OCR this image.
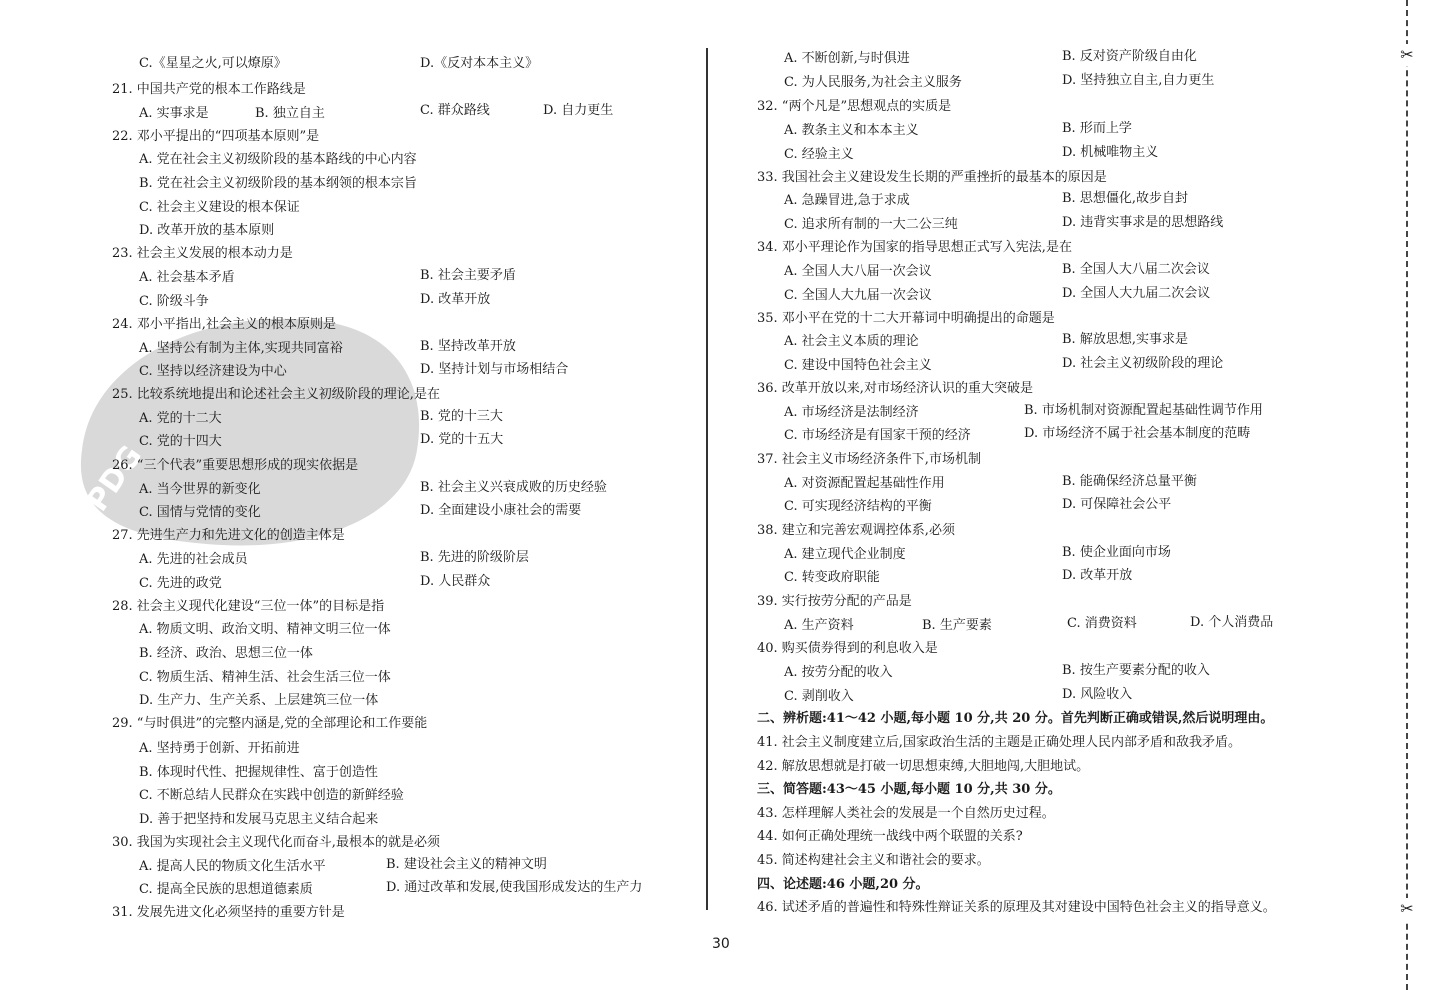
PDG
C.《星星之火,可以燎原》	D.《反对本本主义》
21. 中国共产党的根本工作路线是
A. 实事求是	B. 独立自主	C. 群众路线	D. 自力更生
22. 邓小平提出的“四项基本原则”是
A. 党在社会主义初级阶段的基本路线的中心内容
B. 党在社会主义初级阶段的基本纲领的根本宗旨
C. 社会主义建设的根本保证
D. 改革开放的基本原则
23. 社会主义发展的根本动力是
A. 社会基本矛盾	B. 社会主要矛盾
C. 阶级斗争	D. 改革开放
24. 邓小平指出,社会主义的根本原则是
A. 坚持公有制为主体,实现共同富裕	B. 坚持改革开放
C. 坚持以经济建设为中心	D. 坚持计划与市场相结合
25. 比较系统地提出和论述社会主义初级阶段的理论,是在
A. 党的十二大	B. 党的十三大
C. 党的十四大	D. 党的十五大
26. “三个代表”重要思想形成的现实依据是
A. 当今世界的新变化	B. 社会主义兴衰成败的历史经验
C. 国情与党情的变化	D. 全面建设小康社会的需要
27. 先进生产力和先进文化的创造主体是
A. 先进的社会成员	B. 先进的阶级阶层
C. 先进的政党	D. 人民群众
28. 社会主义现代化建设“三位一体”的目标是指
A. 物质文明、政治文明、精神文明三位一体
B. 经济、政治、思想三位一体
C. 物质生活、精神生活、社会生活三位一体
D. 生产力、生产关系、上层建筑三位一体
29. “与时俱进”的完整内涵是,党的全部理论和工作要能
A. 坚持勇于创新、开拓前进
B. 体现时代性、把握规律性、富于创造性
C. 不断总结人民群众在实践中创造的新鲜经验
D. 善于把坚持和发展马克思主义结合起来
30. 我国为实现社会主义现代化而奋斗,最根本的就是必须
A. 提高人民的物质文化生活水平	B. 建设社会主义的精神文明
C. 提高全民族的思想道德素质	D. 通过改革和发展,使我国形成发达的生产力
31. 发展先进文化必须坚持的重要方针是
A. 不断创新,与时俱进	B. 反对资产阶级自由化
C. 为人民服务,为社会主义服务	D. 坚持独立自主,自力更生
32. “两个凡是”思想观点的实质是
A. 教条主义和本本主义	B. 形而上学
C. 经验主义	D. 机械唯物主义
33. 我国社会主义建设发生长期的严重挫折的最基本的原因是
A. 急躁冒进,急于求成	B. 思想僵化,故步自封
C. 追求所有制的一大二公三纯	D. 违背实事求是的思想路线
34. 邓小平理论作为国家的指导思想正式写入宪法,是在
A. 全国人大八届一次会议	B. 全国人大八届二次会议
C. 全国人大九届一次会议	D. 全国人大九届二次会议
35. 邓小平在党的十二大开幕词中明确提出的命题是
A. 社会主义本质的理论	B. 解放思想,实事求是
C. 建设中国特色社会主义	D. 社会主义初级阶段的理论
36. 改革开放以来,对市场经济认识的重大突破是
A. 市场经济是法制经济	B. 市场机制对资源配置起基础性调节作用
C. 市场经济是有国家干预的经济	D. 市场经济不属于社会基本制度的范畴
37. 社会主义市场经济条件下,市场机制
A. 对资源配置起基础性作用	B. 能确保经济总量平衡
C. 可实现经济结构的平衡	D. 可保障社会公平
38. 建立和完善宏观调控体系,必须
A. 建立现代企业制度	B. 使企业面向市场
C. 转变政府职能	D. 改革开放
39. 实行按劳分配的产品是
A. 生产资料	B. 生产要素	C. 消费资料	D. 个人消费品
40. 购买债券得到的利息收入是
A. 按劳分配的收入	B. 按生产要素分配的收入
C. 剥削收入	D. 风险收入
二、辨析题:41～42 小题,每小题 10 分,共 20 分。首先判断正确或错误,然后说明理由。
41. 社会主义制度建立后,国家政治生活的主题是正确处理人民内部矛盾和敌我矛盾。
42. 解放思想就是打破一切思想束缚,大胆地闯,大胆地试。
三、简答题:43～45 小题,每小题 10 分,共 30 分。
43. 怎样理解人类社会的发展是一个自然历史过程。
44. 如何正确处理统一战线中两个联盟的关系?
45. 简述构建社会主义和谐社会的要求。
四、论述题:46 小题,20 分。
46. 试述矛盾的普遍性和特殊性辩证关系的原理及其对建设中国特色社会主义的指导意义。
30
✂
✂
